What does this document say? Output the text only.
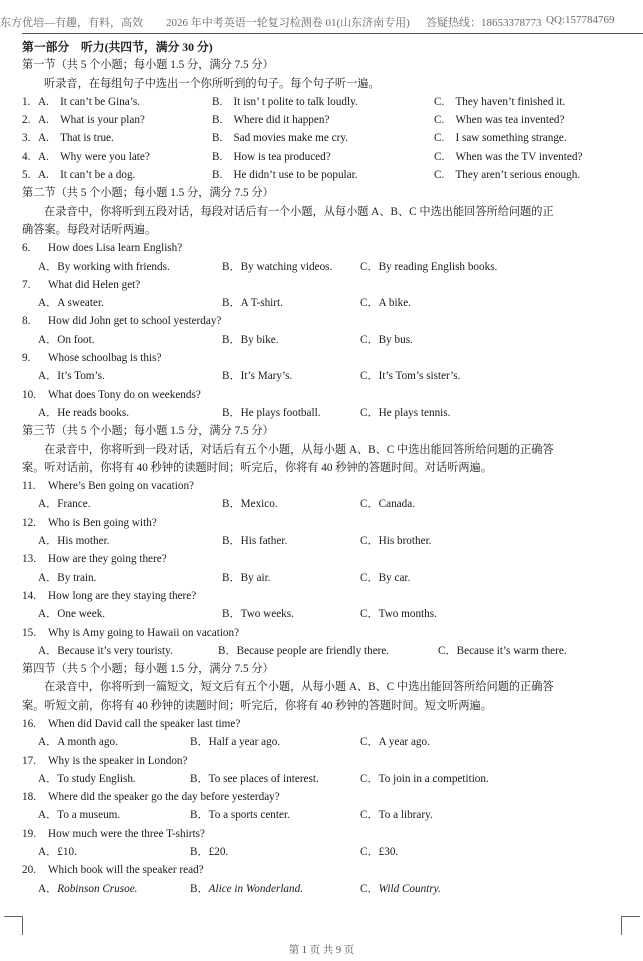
东方优培—有趣，有料，高效 2026 年中考英语一轮复习检测卷 01(山东济南专用) 答疑热线：18653378773 QQ:157784769
第一部分　听力(共四节，满分 30 分)
第一节（共 5 个小题；每小题 1.5 分，满分 7.5 分）
听录音，在每组句子中选出一个你所听到的句子。每个句子听一遍。
1. A.　It can’t be Gina’s.	B.　It isn’ t polite to talk loudly.	C.　They haven’t finished it.
2. A.　What is your plan?	B.　Where did it happen?	C.　When was tea invented?
3. A.　That is true.	B.　Sad movies make me cry.	C.　I saw something strange.
4. A.　Why were you late?	B.　How is tea produced?	C.　When was the TV invented?
5. A.　It can’t be a dog.	B.　He didn’t use to be popular.	C.　They aren’t serious enough.
第二节（共 5 个小题；每小题 1.5 分，满分 7.5 分）
在录音中，你将听到五段对话，每段对话后有一个小题，从每小题 A、B、C 中选出能回答所给问题的正
确答案。每段对话听两遍。
6. How does Lisa learn English?
A．By working with friends.	B．By watching videos. C．By reading English books.
7. What did Helen get?
A．A sweater.	B．A T-shirt.	C．A bike.
8. How did John get to school yesterday?
A．On foot.	B．By bike.	C．By bus.
9. Whose schoolbag is this?
A．It’s Tom’s.	B．It’s Mary’s.	C．It’s Tom’s sister’s.
10. What does Tony do on weekends?
A．He reads books.	B．He plays football.	C．He plays tennis.
第三节（共 5 个小题；每小题 1.5 分，满分 7.5 分）
在录音中，你将听到一段对话，对话后有五个小题，从每小题 A、B、C 中选出能回答所给问题的正确答
案。听对话前，你将有 40 秒钟的读题时间；听完后，你将有 40 秒钟的答题时间。对话听两遍。
11. Where’s Ben going on vacation?
A．France.	B．Mexico.	C．Canada.
12. Who is Ben going with?
A．His mother.	B．His father.	C．His brother.
13. How are they going there?
A．By train.	B．By air.	C．By car.
14. How long are they staying there?
A．One week.	B．Two weeks.	C．Two months.
15. Why is Amy going to Hawaii on vacation?
A．Because it’s very touristy.	B．Because people are friendly there.	C．Because it’s warm there.
第四节（共 5 个小题；每小题 1.5 分，满分 7.5 分）
在录音中，你将听到一篇短文，短文后有五个小题，从每小题 A、B、C 中选出能回答所给问题的正确答
案。听短文前，你将有 40 秒钟的读题时间；听完后，你将有 40 秒钟的答题时间。短文听两遍。
16. When did David call the speaker last time?
A．A month ago.	B．Half a year ago.	C．A year ago.
17. Why is the speaker in London?
A．To study English.	B．To see places of interest.	C．To join in a competition.
18. Where did the speaker go the day before yesterday?
A．To a museum.	B．To a sports center.	C．To a library.
19. How much were the three T-shirts?
A．£10.	B．£20.	C．£30.
20. Which book will the speaker read?
A．Robinson Crusoe.	B．Alice in Wonderland.	C．Wild Country.
第 1 页 共 9 页
